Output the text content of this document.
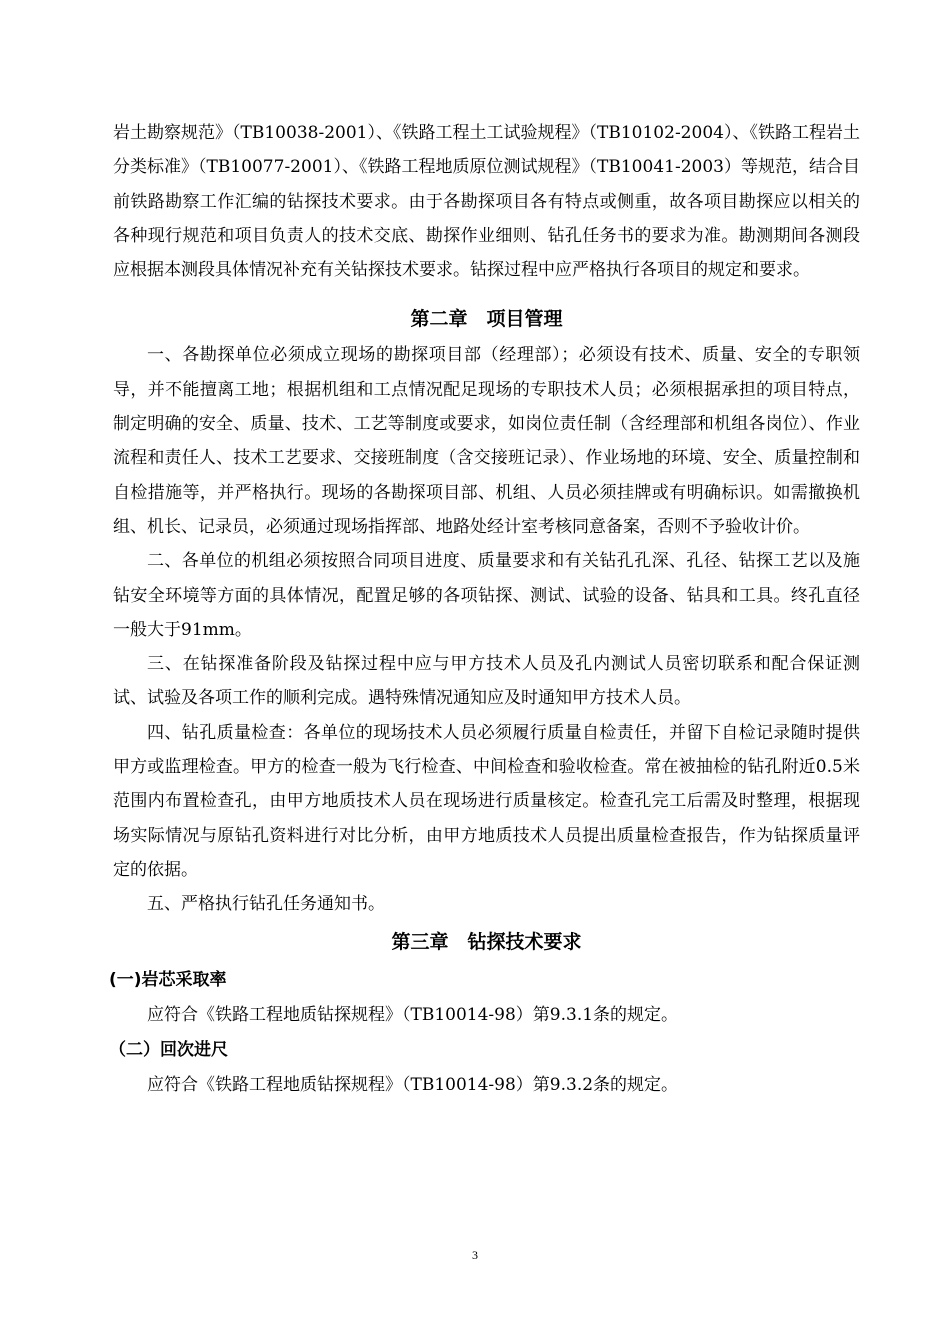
岩土勘察规范》（TB10038-2001）、《铁路工程土工试验规程》（TB10102-2004）、《铁路工程岩土分类标准》（TB10077-2001）、《铁路工程地质原位测试规程》（TB10041-2003）等规范，结合目前铁路勘察工作汇编的钻探技术要求。由于各勘探项目各有特点或侧重，故各项目勘探应以相关的各种现行规范和项目负责人的技术交底、勘探作业细则、钻孔任务书的要求为准。勘测期间各测段应根据本测段具体情况补充有关钻探技术要求。钻探过程中应严格执行各项目的规定和要求。

第二章　项目管理

一、各勘探单位必须成立现场的勘探项目部（经理部）；必须设有技术、质量、安全的专职领导，并不能擅离工地；根据机组和工点情况配足现场的专职技术人员；必须根据承担的项目特点，制定明确的安全、质量、技术、工艺等制度或要求，如岗位责任制（含经理部和机组各岗位）、作业流程和责任人、技术工艺要求、交接班制度（含交接班记录）、作业场地的环境、安全、质量控制和自检措施等，并严格执行。现场的各勘探项目部、机组、人员必须挂牌或有明确标识。如需撤换机组、机长、记录员，必须通过现场指挥部、地路处经计室考核同意备案，否则不予验收计价。

二、各单位的机组必须按照合同项目进度、质量要求和有关钻孔孔深、孔径、钻探工艺以及施钻安全环境等方面的具体情况，配置足够的各项钻探、测试、试验的设备、钻具和工具。终孔直径一般大于91mm。

三、在钻探准备阶段及钻探过程中应与甲方技术人员及孔内测试人员密切联系和配合保证测试、试验及各项工作的顺利完成。遇特殊情况通知应及时通知甲方技术人员。

四、钻孔质量检查：各单位的现场技术人员必须履行质量自检责任，并留下自检记录随时提供甲方或监理检查。甲方的检查一般为飞行检查、中间检查和验收检查。常在被抽检的钻孔附近0.5米范围内布置检查孔，由甲方地质技术人员在现场进行质量核定。检查孔完工后需及时整理，根据现场实际情况与原钻孔资料进行对比分析，由甲方地质技术人员提出质量检查报告，作为钻探质量评定的依据。

五、严格执行钻孔任务通知书。

第三章　钻探技术要求
(一)岩芯采取率

应符合《铁路工程地质钻探规程》（TB10014-98）第9.3.1条的规定。

（二）回次进尺

应符合《铁路工程地质钻探规程》（TB10014-98）第9.3.2条的规定。

3
